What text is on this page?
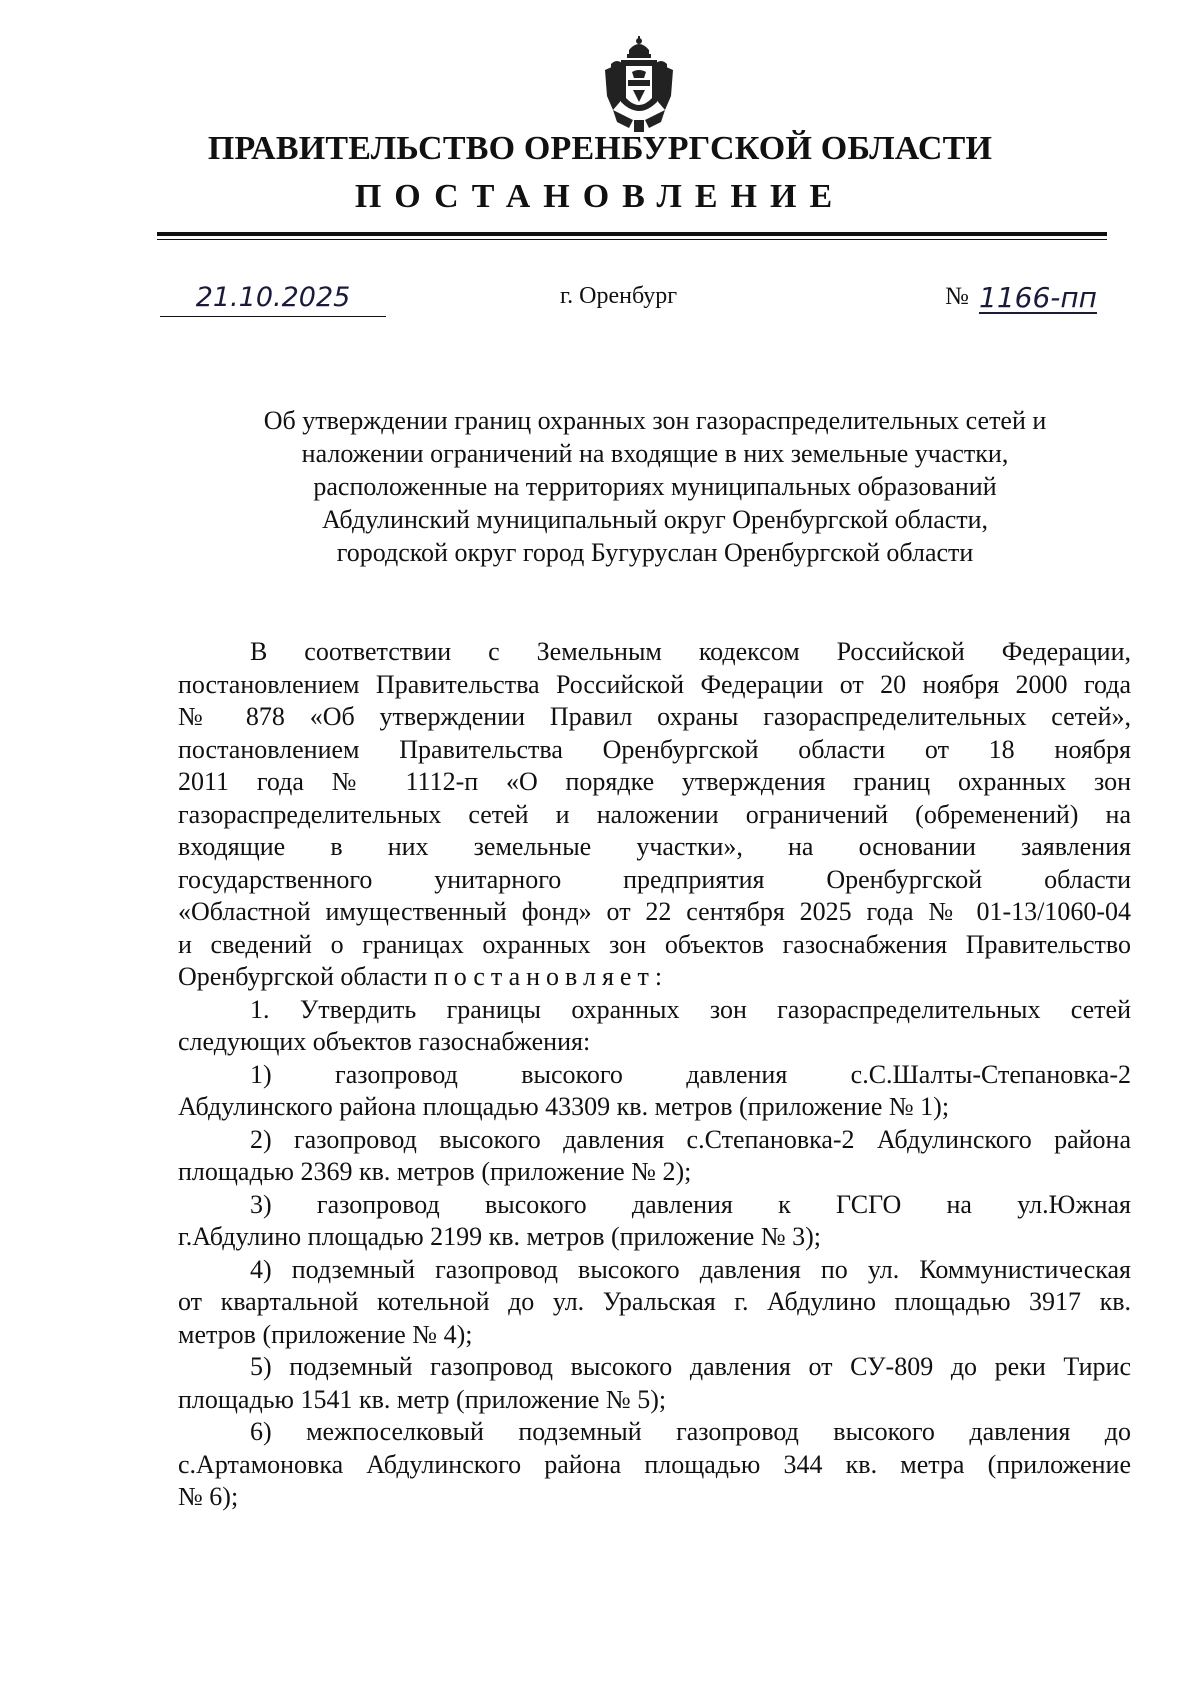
ПРАВИТЕЛЬСТВО ОРЕНБУРГСКОЙ ОБЛАСТИ
ПОСТАНОВЛЕНИЕ
21.10.2025	г. Оренбург	№ 1166-пп
Об утверждении границ охранных зон газораспределительных сетей и
наложении ограничений на входящие в них земельные участки,
расположенные на территориях муниципальных образований
Абдулинский муниципальный округ Оренбургской области,
городской округ город Бугуруслан Оренбургской области
В соответствии с Земельным кодексом Российской Федерации,
постановлением Правительства Российской Федерации от 20 ноября 2000 года
№ 878 «Об утверждении Правил охраны газораспределительных сетей»,
постановлением Правительства Оренбургской области от 18 ноября
2011 года № 1112-п «О порядке утверждения границ охранных зон
газораспределительных сетей и наложении ограничений (обременений) на
входящие в них земельные участки», на основании заявления
государственного унитарного предприятия Оренбургской области
«Областной имущественный фонд» от 22 сентября 2025 года № 01-13/1060-04
и сведений о границах охранных зон объектов газоснабжения Правительство
Оренбургской области постановляет:
1. Утвердить границы охранных зон газораспределительных сетей
следующих объектов газоснабжения:
1) газопровод высокого давления с.С.Шалты-Степановка-2
Абдулинского района площадью 43309 кв. метров (приложение № 1);
2) газопровод высокого давления с.Степановка-2 Абдулинского района
площадью 2369 кв. метров (приложение № 2);
3) газопровод высокого давления к ГСГО на ул.Южная
г.Абдулино площадью 2199 кв. метров (приложение № 3);
4) подземный газопровод высокого давления по ул. Коммунистическая
от квартальной котельной до ул. Уральская г. Абдулино площадью 3917 кв.
метров (приложение № 4);
5) подземный газопровод высокого давления от СУ-809 до реки Тирис
площадью 1541 кв. метр (приложение № 5);
6) межпоселковый подземный газопровод высокого давления до
с.Артамоновка Абдулинского района площадью 344 кв. метра (приложение
№ 6);
